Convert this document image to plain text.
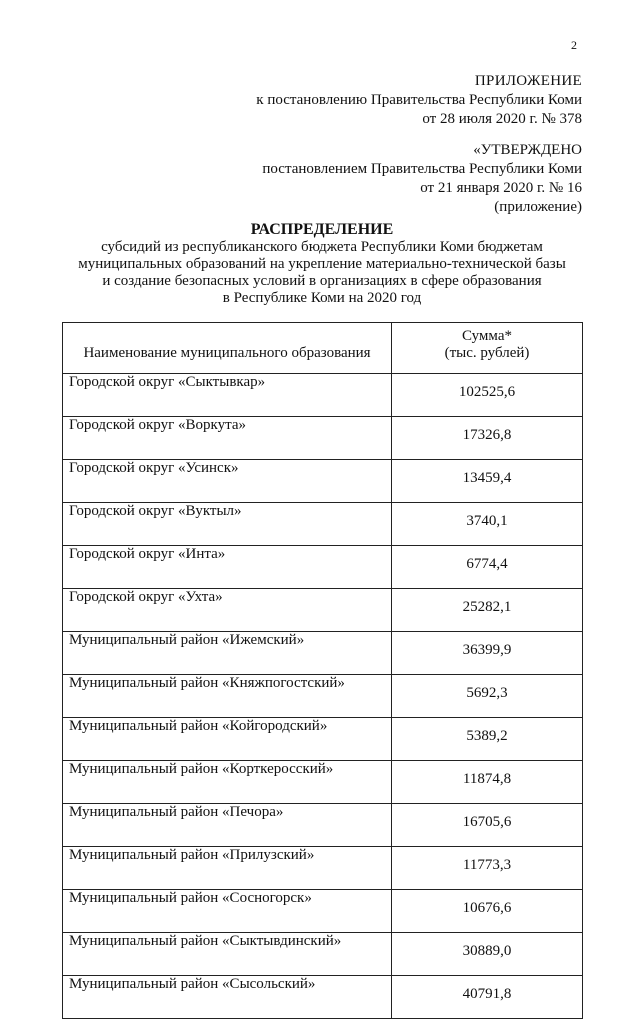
2
ПРИЛОЖЕНИЕ
к постановлению Правительства Республики Коми
от 28 июля 2020 г. № 378
«УТВЕРЖДЕНО
постановлением Правительства Республики Коми
от 21 января 2020 г. № 16
(приложение)
РАСПРЕДЕЛЕНИЕ
субсидий из республиканского бюджета Республики Коми бюджетам
муниципальных образований на укрепление материально-технической базы
и создание безопасных условий в организациях в сфере образования
в Республике Коми на 2020 год
Наименование муниципального образования	Сумма*
(тыс. рублей)

Городской округ «Сыктывкар»	102525,6
Городской округ «Воркута»	17326,8
Городской округ «Усинск»	13459,4
Городской округ «Вуктыл»	3740,1
Городской округ «Инта»	6774,4
Городской округ «Ухта»	25282,1
Муниципальный район «Ижемский»	36399,9
Муниципальный район «Княжпогостский»	5692,3
Муниципальный район «Койгородский»	5389,2
Муниципальный район «Корткеросский»	11874,8
Муниципальный район «Печора»	16705,6
Муниципальный район «Прилузский»	11773,3
Муниципальный район «Сосногорск»	10676,6
Муниципальный район «Сыктывдинский»	30889,0
Муниципальный район «Сысольский»	40791,8
